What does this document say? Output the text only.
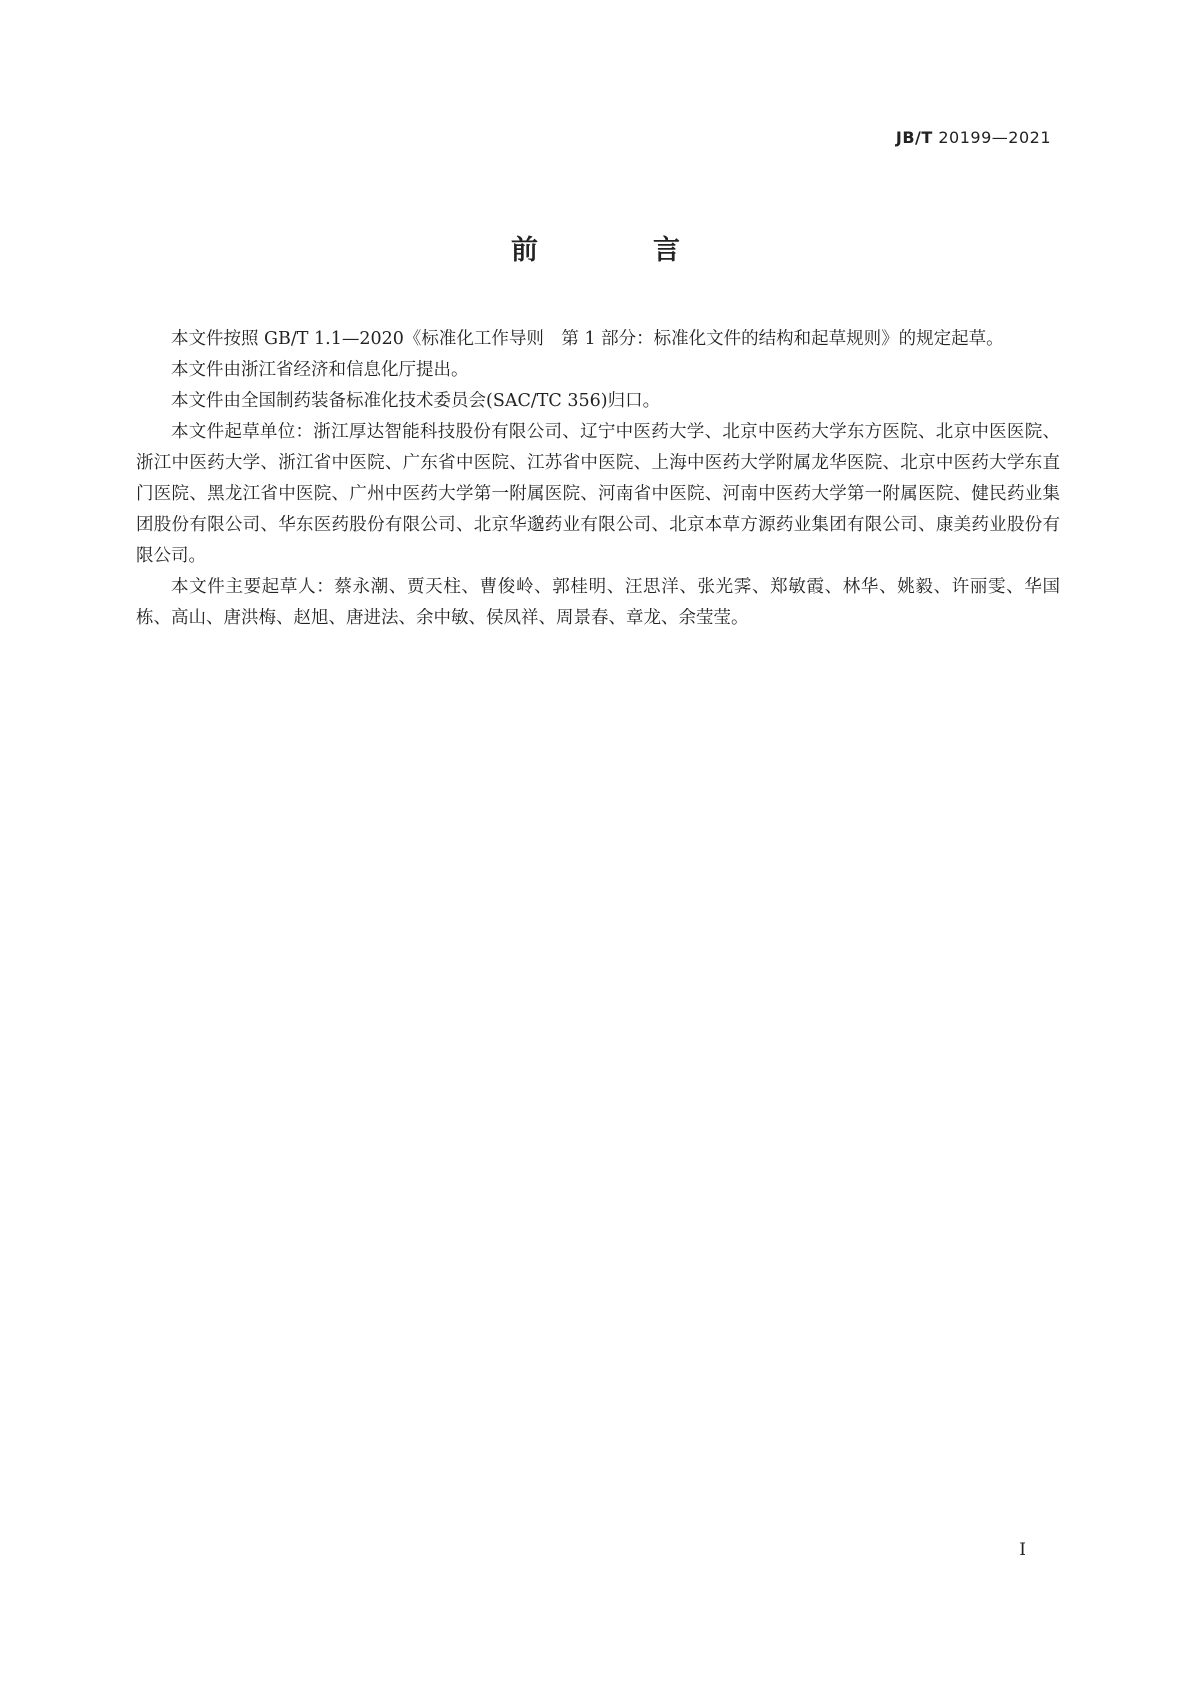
JB/T 20199—2021
前　言

本文件按照 GB/T 1.1—2020《标准化工作导则　第 1 部分：标准化文件的结构和起草规则》的规定起草。

本文件由浙江省经济和信息化厅提出。

本文件由全国制药装备标准化技术委员会(SAC/TC 356)归口。

本文件起草单位：浙江厚达智能科技股份有限公司、辽宁中医药大学、北京中医药大学东方医院、北京中医医院、浙江中医药大学、浙江省中医院、广东省中医院、江苏省中医院、上海中医药大学附属龙华医院、北京中医药大学东直门医院、黑龙江省中医院、广州中医药大学第一附属医院、河南省中医院、河南中医药大学第一附属医院、健民药业集团股份有限公司、华东医药股份有限公司、北京华邈药业有限公司、北京本草方源药业集团有限公司、康美药业股份有限公司。

本文件主要起草人：蔡永潮、贾天柱、曹俊岭、郭桂明、汪思洋、张光霁、郑敏霞、林华、姚毅、许丽雯、华国栋、高山、唐洪梅、赵旭、唐进法、余中敏、侯凤祥、周景春、章龙、余莹莹。

I
